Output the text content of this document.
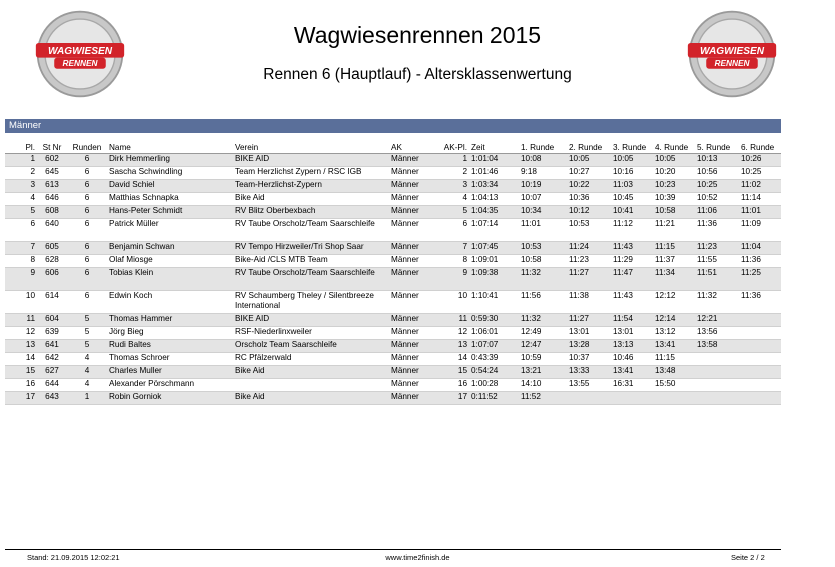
WAGWIESEN
RENNEN
WAGWIESEN
RENNEN
Wagwiesenrennen 2015
Rennen 6 (Hauptlauf) - Altersklassenwertung
Männer
Pl.	St Nr	Runden	Name	Verein	AK	AK-Pl.	Zeit	1. Runde	2. Runde	3. Runde	4. Runde	5. Runde	6. Runde
1	602	6	Dirk Hemmerling	BIKE AID	Männer	1	1:01:04	10:08	10:05	10:05	10:05	10:13	10:26
2	645	6	Sascha Schwindling	Team Herzlichst Zypern / RSC IGB	Männer	2	1:01:46	9:18	10:27	10:16	10:20	10:56	10:25
3	613	6	David Schiel	Team-Herzlichst-Zypern	Männer	3	1:03:34	10:19	10:22	11:03	10:23	10:25	11:02
4	646	6	Matthias Schnapka	Bike Aid	Männer	4	1:04:13	10:07	10:36	10:45	10:39	10:52	11:14
5	608	6	Hans-Peter Schmidt	RV Blitz Oberbexbach	Männer	5	1:04:35	10:34	10:12	10:41	10:58	11:06	11:01
6	640	6	Patrick Müller	RV Taube Orscholz/Team Saarschleife	Männer	6	1:07:14	11:01	10:53	11:12	11:21	11:36	11:09
7	605	6	Benjamin Schwan	RV Tempo Hirzweiler/Tri Shop Saar	Männer	7	1:07:45	10:53	11:24	11:43	11:15	11:23	11:04
8	628	6	Olaf Miosge	Bike-Aid /CLS MTB Team	Männer	8	1:09:01	10:58	11:23	11:29	11:37	11:55	11:36
9	606	6	Tobias Klein	RV Taube Orscholz/Team Saarschleife	Männer	9	1:09:38	11:32	11:27	11:47	11:34	11:51	11:25
10	614	6	Edwin Koch	RV Schaumberg Theley / Silentbreeze International	Männer	10	1:10:41	11:56	11:38	11:43	12:12	11:32	11:36
11	604	5	Thomas Hammer	BIKE AID	Männer	11	0:59:30	11:32	11:27	11:54	12:14	12:21	
12	639	5	Jörg Bieg	RSF-Niederlinxweiler	Männer	12	1:06:01	12:49	13:01	13:01	13:12	13:56	
13	641	5	Rudi Baltes	Orscholz Team Saarschleife	Männer	13	1:07:07	12:47	13:28	13:13	13:41	13:58	
14	642	4	Thomas Schroer	RC Pfälzerwald	Männer	14	0:43:39	10:59	10:37	10:46	11:15		
15	627	4	Charles Muller	Bike Aid	Männer	15	0:54:24	13:21	13:33	13:41	13:48		
16	644	4	Alexander Pörschmann		Männer	16	1:00:28	14:10	13:55	16:31	15:50		
17	643	1	Robin Gorniok	Bike Aid	Männer	17	0:11:52	11:52					
Stand: 21.09.2015 12:02:21	www.time2finish.de	Seite 2 / 2
